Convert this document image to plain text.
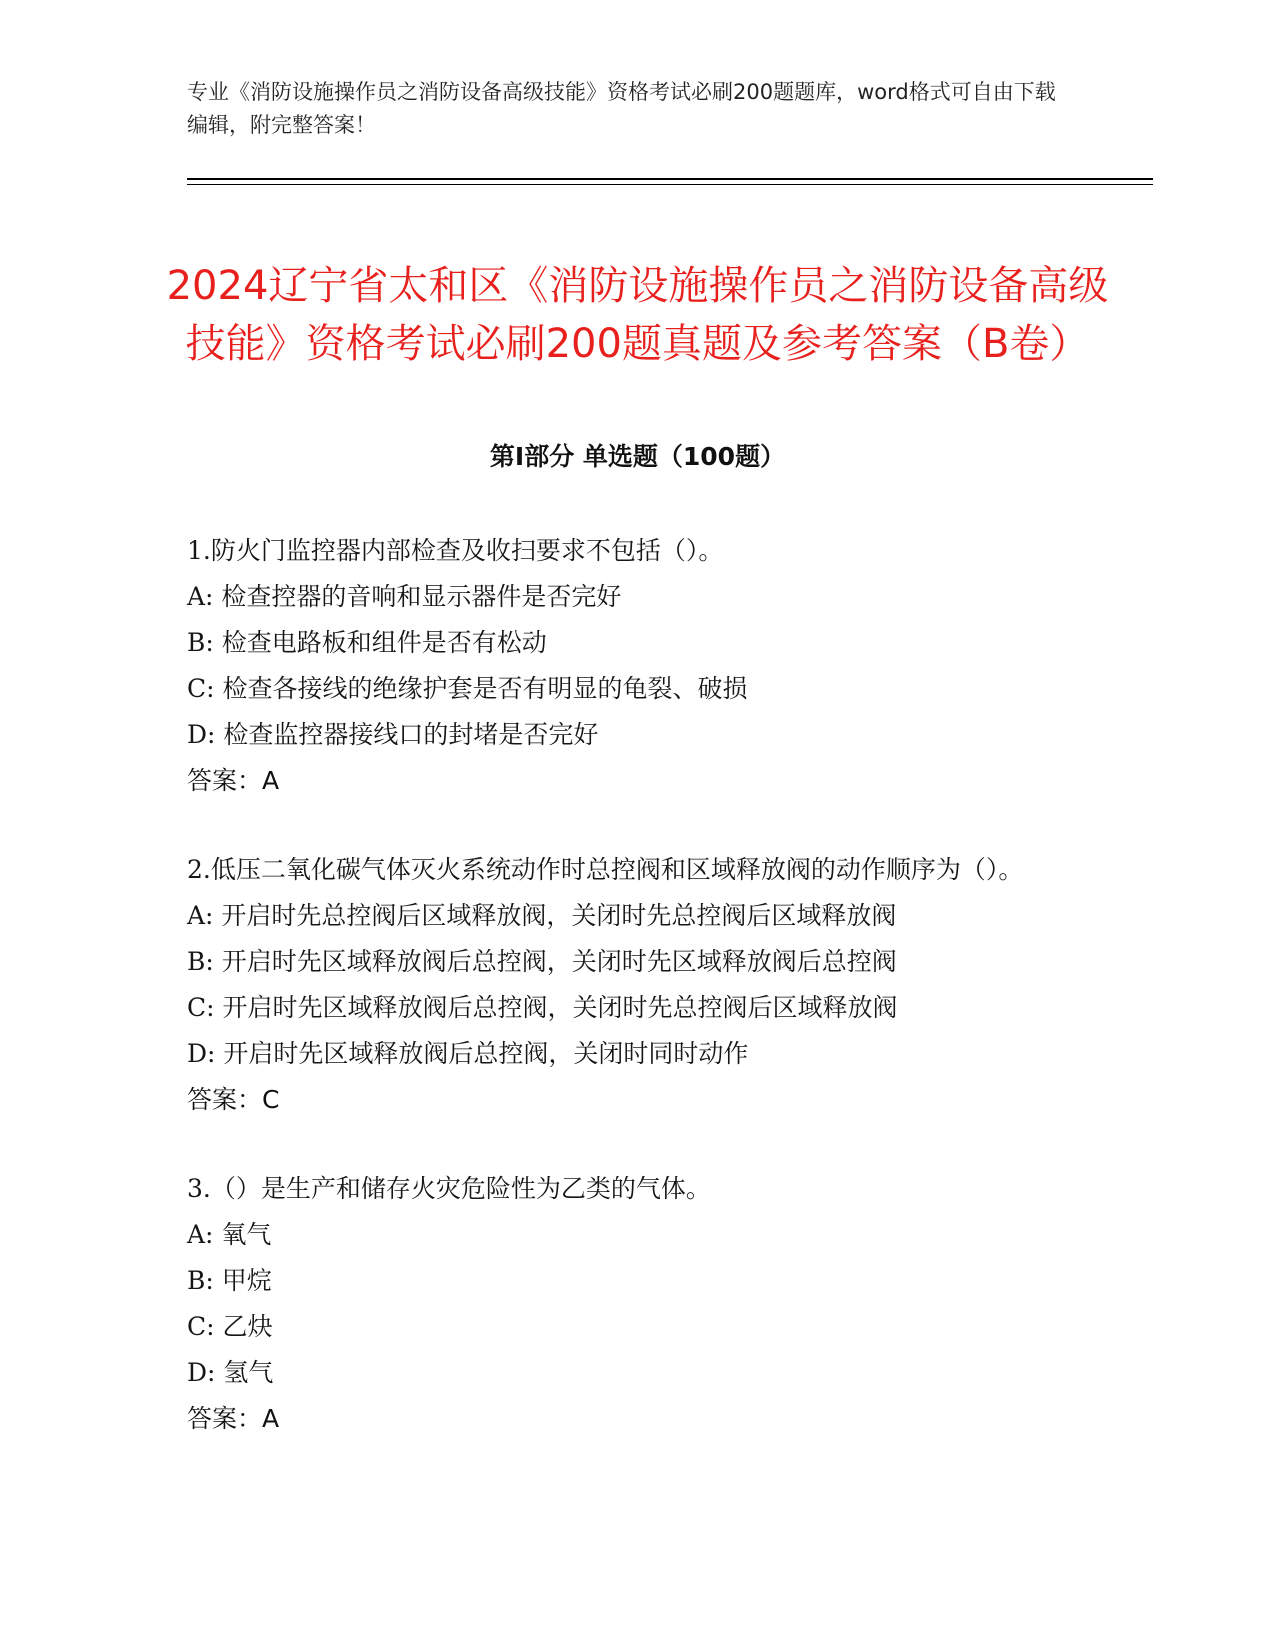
专业《消防设施操作员之消防设备高级技能》资格考试必刷200题题库，word格式可自由下载编辑，附完整答案！
2024辽宁省太和区《消防设施操作员之消防设备高级技能》资格考试必刷200题真题及参考答案（B卷）
第Ⅰ部分 单选题（100题）
1.防火门监控器内部检查及收扫要求不包括（）。
A: 检查控器的音响和显示器件是否完好
B: 检查电路板和组件是否有松动
C: 检查各接线的绝缘护套是否有明显的龟裂、破损
D: 检查监控器接线口的封堵是否完好
答案：A
2.低压二氧化碳气体灭火系统动作时总控阀和区域释放阀的动作顺序为（）。
A: 开启时先总控阀后区域释放阀，关闭时先总控阀后区域释放阀
B: 开启时先区域释放阀后总控阀，关闭时先区域释放阀后总控阀
C: 开启时先区域释放阀后总控阀，关闭时先总控阀后区域释放阀
D: 开启时先区域释放阀后总控阀，关闭时同时动作
答案：C
3.（）是生产和储存火灾危险性为乙类的气体。
A: 氧气
B: 甲烷
C: 乙炔
D: 氢气
答案：A
